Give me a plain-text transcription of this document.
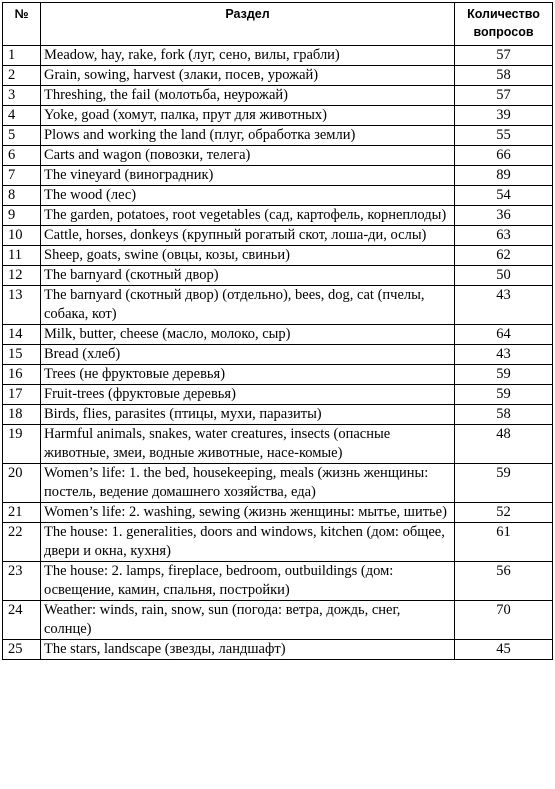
№	Раздел	Количество
вопросов
1	Meadow, hay, rake, fork (луг, сено, вилы, грабли)	57
2	Grain, sowing, harvest (злаки, посев, урожай)	58
3	Threshing, the fail (молотьба, неурожай)	57
4	Yoke, goad (хомут, палка, прут для животных)	39
5	Plows and working the land (плуг, обработка земли)	55
6	Carts and wagon (повозки, телега)	66
7	The vineyard (виноградник)	89
8	The wood (лес)	54
9	The garden, potatoes, root vegetables (сад, картофель, корнеплоды)	36
10	Cattle, horses, donkeys (крупный рогатый скот, лоша-ди, ослы)	63
11	Sheep, goats, swine (овцы, козы, свиньи)	62
12	The barnyard (скотный двор)	50
13	The barnyard (скотный двор) (отдельно), bees, dog, cat (пчелы, собака, кот)	43
14	Milk, butter, cheese (масло, молоко, сыр)	64
15	Bread (хлеб)	43
16	Trees (не фруктовые деревья)	59
17	Fruit-trees (фруктовые деревья)	59
18	Birds, flies, parasites (птицы, мухи, паразиты)	58
19	Harmful animals, snakes, water creatures, insects (опасные животные, змеи, водные животные, насе-комые)	48
20	Women’s life: 1. the bed, housekeeping, meals (жизнь женщины: постель, ведение домашнего хозяйства, еда)	59
21	Women’s life: 2. washing, sewing (жизнь женщины: мытье, шитье)	52
22	The house: 1. generalities, doors and windows, kitchen (дом: общее, двери и окна, кухня)	61
23	The house: 2. lamps, fireplace, bedroom, outbuildings (дом: освещение, камин, спальня, постройки)	56
24	Weather: winds, rain, snow, sun (погода: ветра, дождь, снег, солнце)	70
25	The stars, landscape (звезды, ландшафт)	45
